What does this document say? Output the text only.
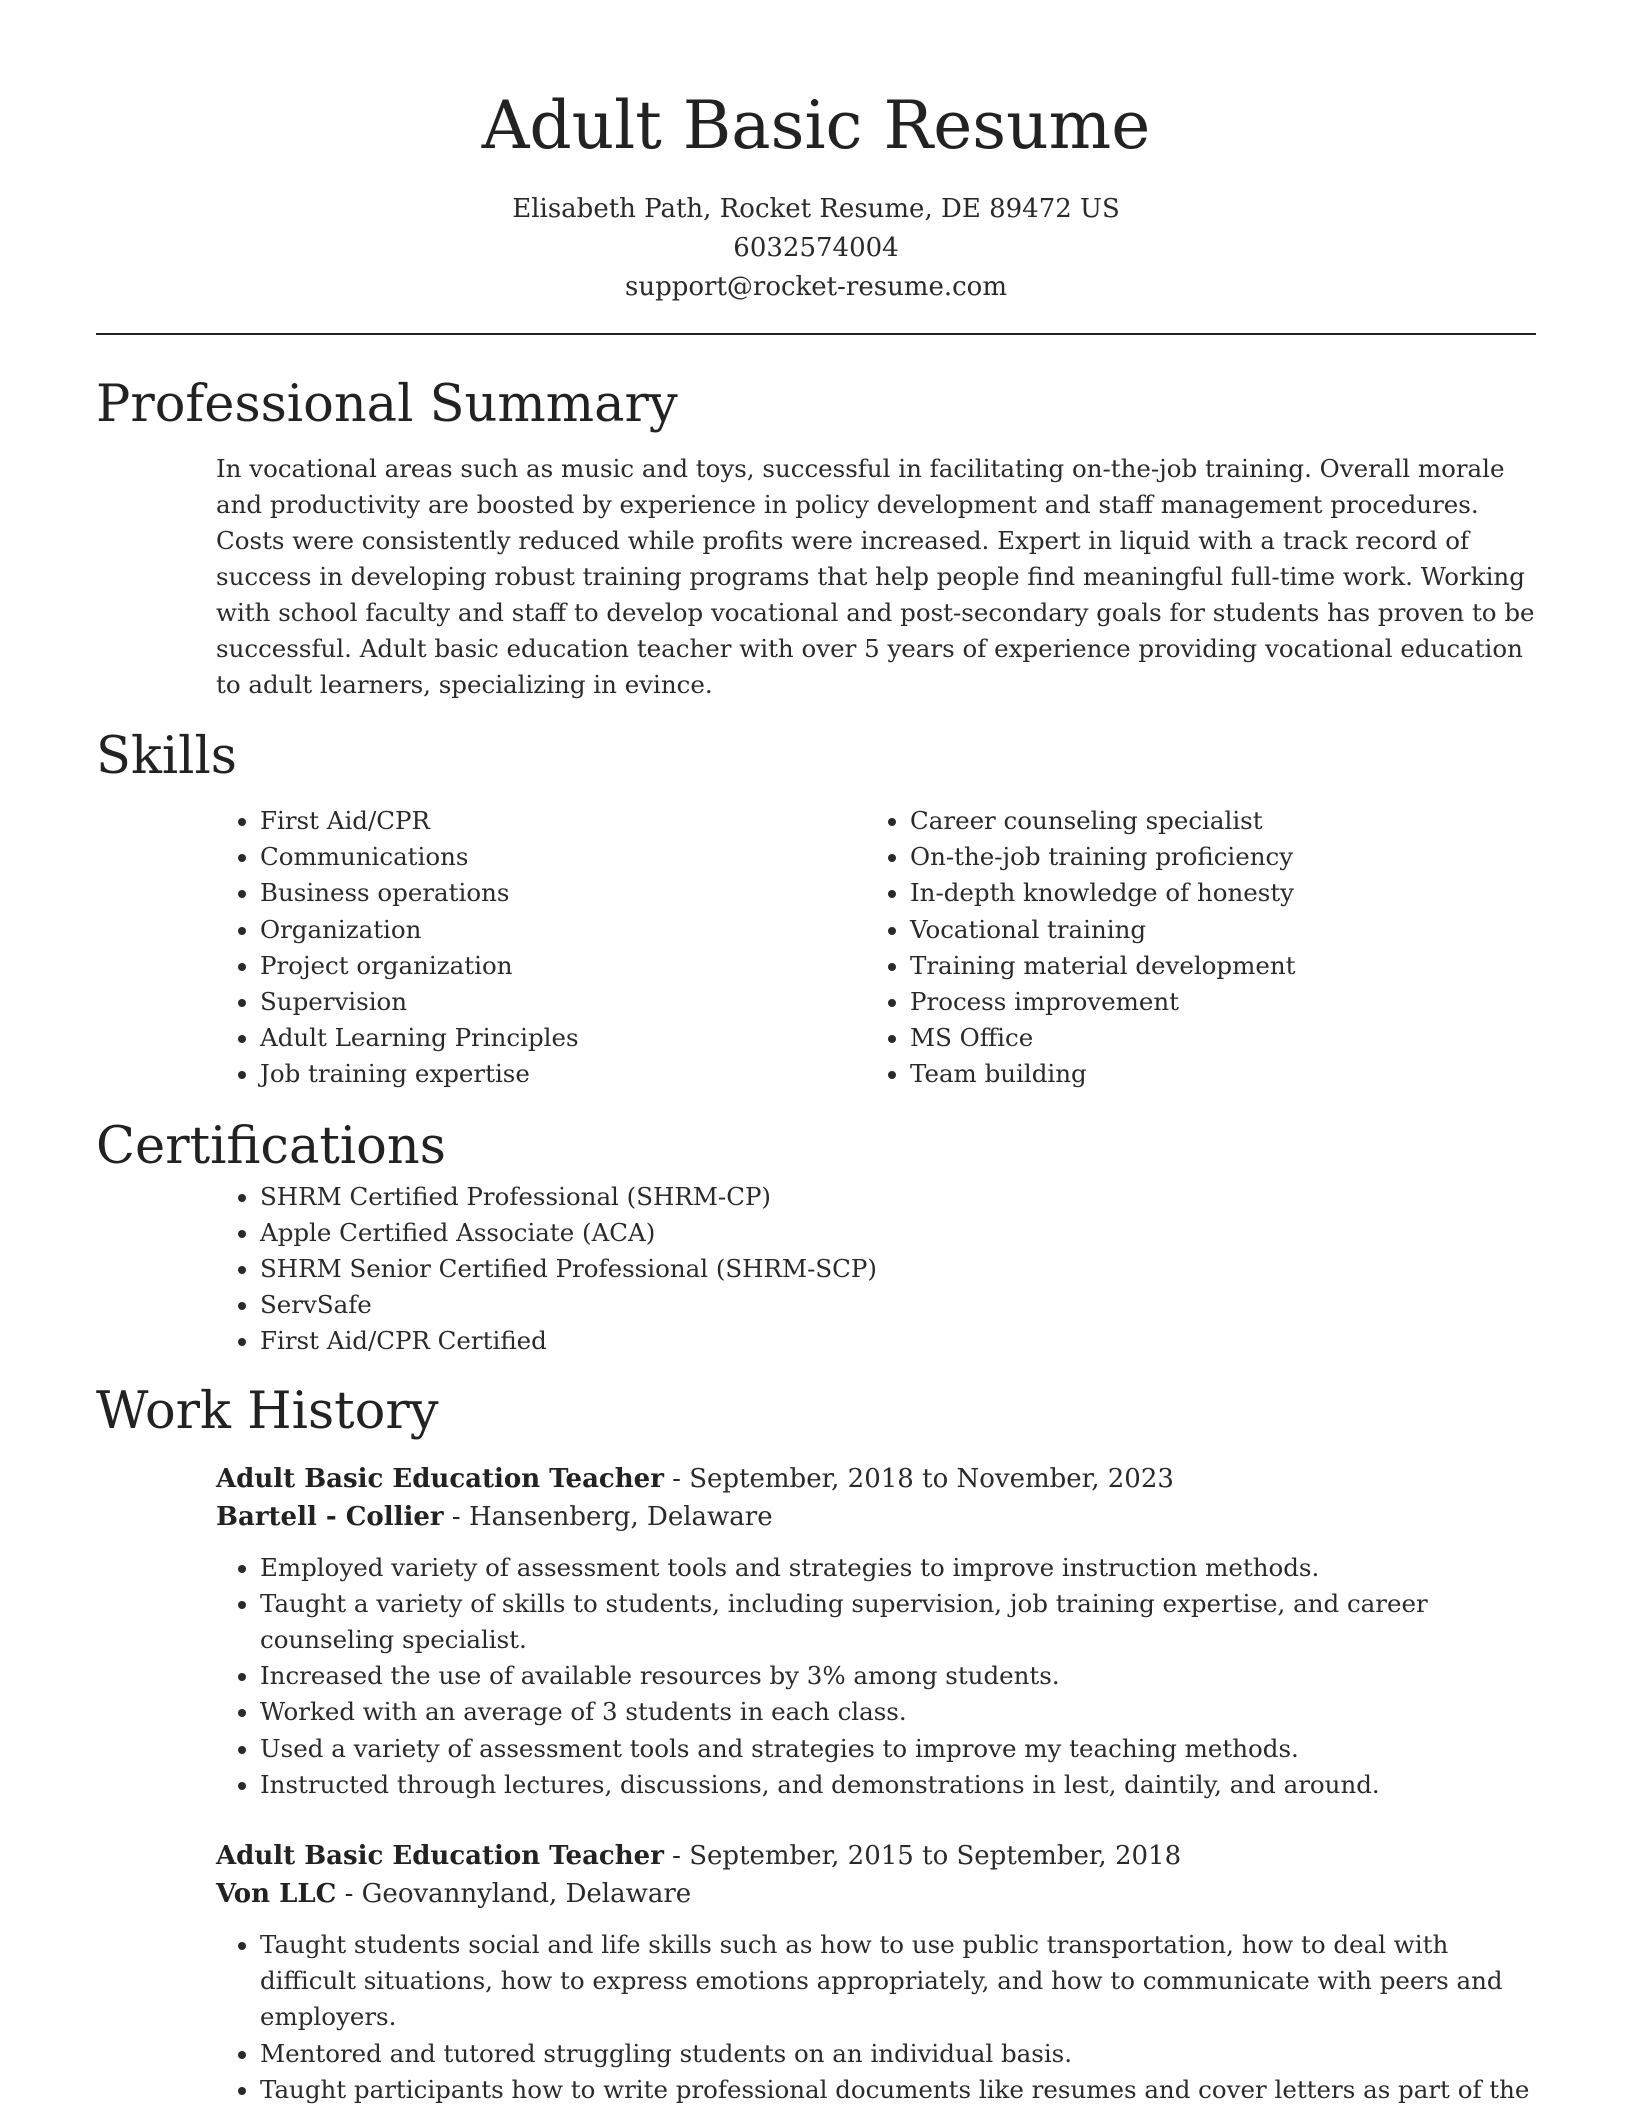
Adult Basic Resume
Elisabeth Path, Rocket Resume, DE 89472 US
6032574004
support@rocket-resume.com
Professional Summary

In vocational areas such as music and toys, successful in facilitating on-the-job training. Overall morale and productivity are boosted by experience in policy development and staff management procedures. Costs were consistently reduced while profits were increased. Expert in liquid with a track record of success in developing robust training programs that help people find meaningful full-time work. Working with school faculty and staff to develop vocational and post-secondary goals for students has proven to be successful. Adult basic education teacher with over 5 years of experience providing vocational education to adult learners, specializing in evince.

Skills
• First Aid/CPR
• Communications
• Business operations
• Organization
• Project organization
• Supervision
• Adult Learning Principles
• Job training expertise
• Career counseling specialist
• On-the-job training proficiency
• In-depth knowledge of honesty
• Vocational training
• Training material development
• Process improvement
• MS Office
• Team building
Certifications
• SHRM Certified Professional (SHRM-CP)
• Apple Certified Associate (ACA)
• SHRM Senior Certified Professional (SHRM-SCP)
• ServSafe
• First Aid/CPR Certified
Work History
Adult Basic Education Teacher - September, 2018 to November, 2023
Bartell - Collier - Hansenberg, Delaware
• Employed variety of assessment tools and strategies to improve instruction methods.
• Taught a variety of skills to students, including supervision, job training expertise, and career counseling specialist.
• Increased the use of available resources by 3% among students.
• Worked with an average of 3 students in each class.
• Used a variety of assessment tools and strategies to improve my teaching methods.
• Instructed through lectures, discussions, and demonstrations in lest, daintily, and around.
Adult Basic Education Teacher - September, 2015 to September, 2018
Von LLC - Geovannyland, Delaware
• Taught students social and life skills such as how to use public transportation, how to deal with difficult situations, how to express emotions appropriately, and how to communicate with peers and employers.
• Mentored and tutored struggling students on an individual basis.
• Taught participants how to write professional documents like resumes and cover letters as part of the
